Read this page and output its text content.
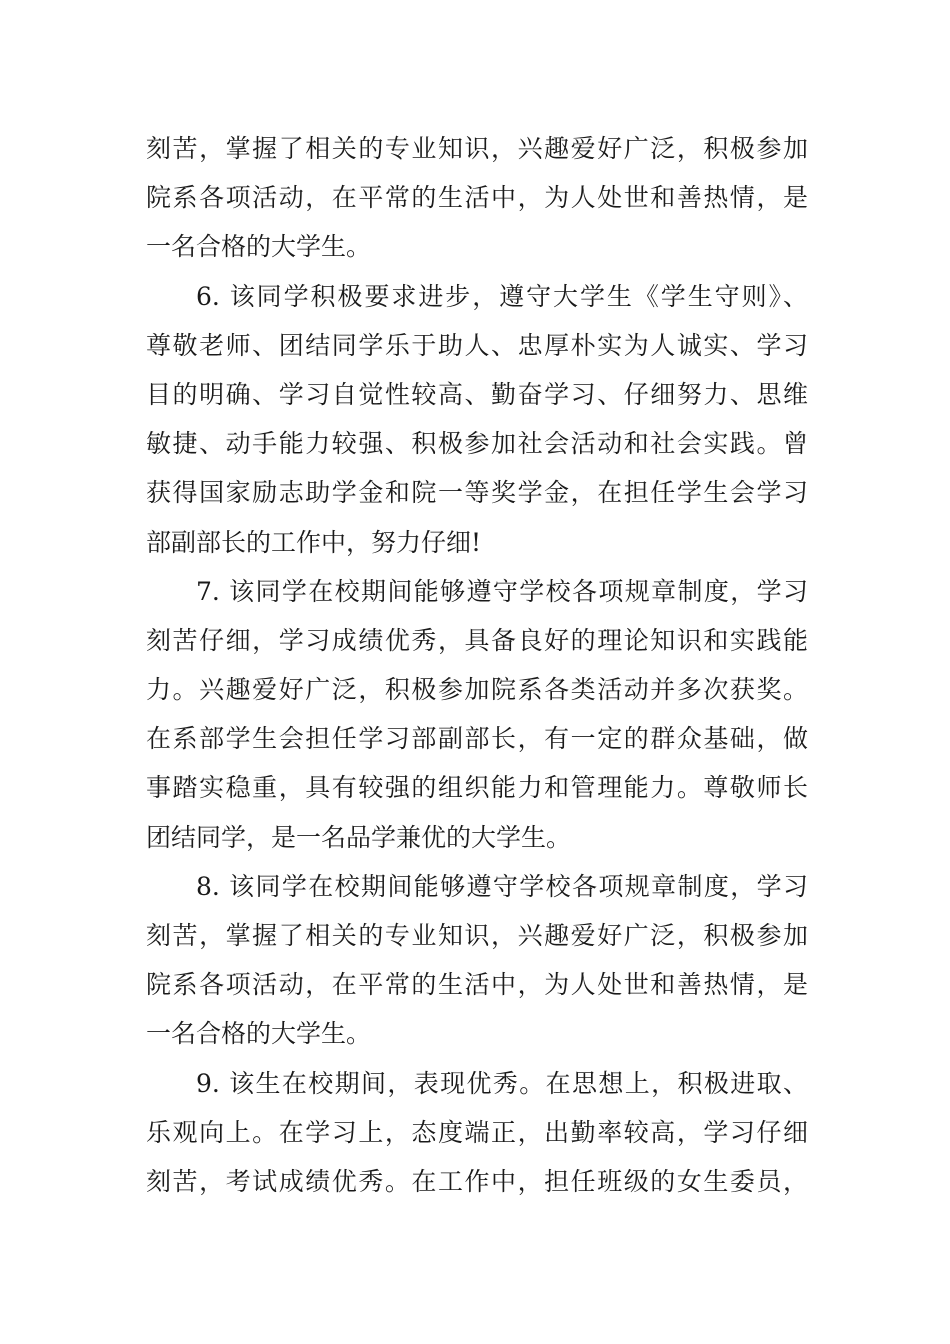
刻苦，掌握了相关的专业知识，兴趣爱好广泛，积极参加
院系各项活动，在平常的生活中，为人处世和善热情，是
一名合格的大学生。
6. 该同学积极要求进步，遵守大学生《学生守则》、
尊敬老师、团结同学乐于助人、忠厚朴实为人诚实、学习
目的明确、学习自觉性较高、勤奋学习、仔细努力、思维
敏捷、动手能力较强、积极参加社会活动和社会实践。曾
获得国家励志助学金和院一等奖学金，在担任学生会学习
部副部长的工作中，努力仔细!
7. 该同学在校期间能够遵守学校各项规章制度，学习
刻苦仔细，学习成绩优秀，具备良好的理论知识和实践能
力。兴趣爱好广泛，积极参加院系各类活动并多次获奖。
在系部学生会担任学习部副部长，有一定的群众基础，做
事踏实稳重，具有较强的组织能力和管理能力。尊敬师长
团结同学，是一名品学兼优的大学生。
8. 该同学在校期间能够遵守学校各项规章制度，学习
刻苦，掌握了相关的专业知识，兴趣爱好广泛，积极参加
院系各项活动，在平常的生活中，为人处世和善热情，是
一名合格的大学生。
9. 该生在校期间，表现优秀。在思想上，积极进取、
乐观向上。在学习上，态度端正，出勤率较高，学习仔细
刻苦，考试成绩优秀。在工作中，担任班级的女生委员，
